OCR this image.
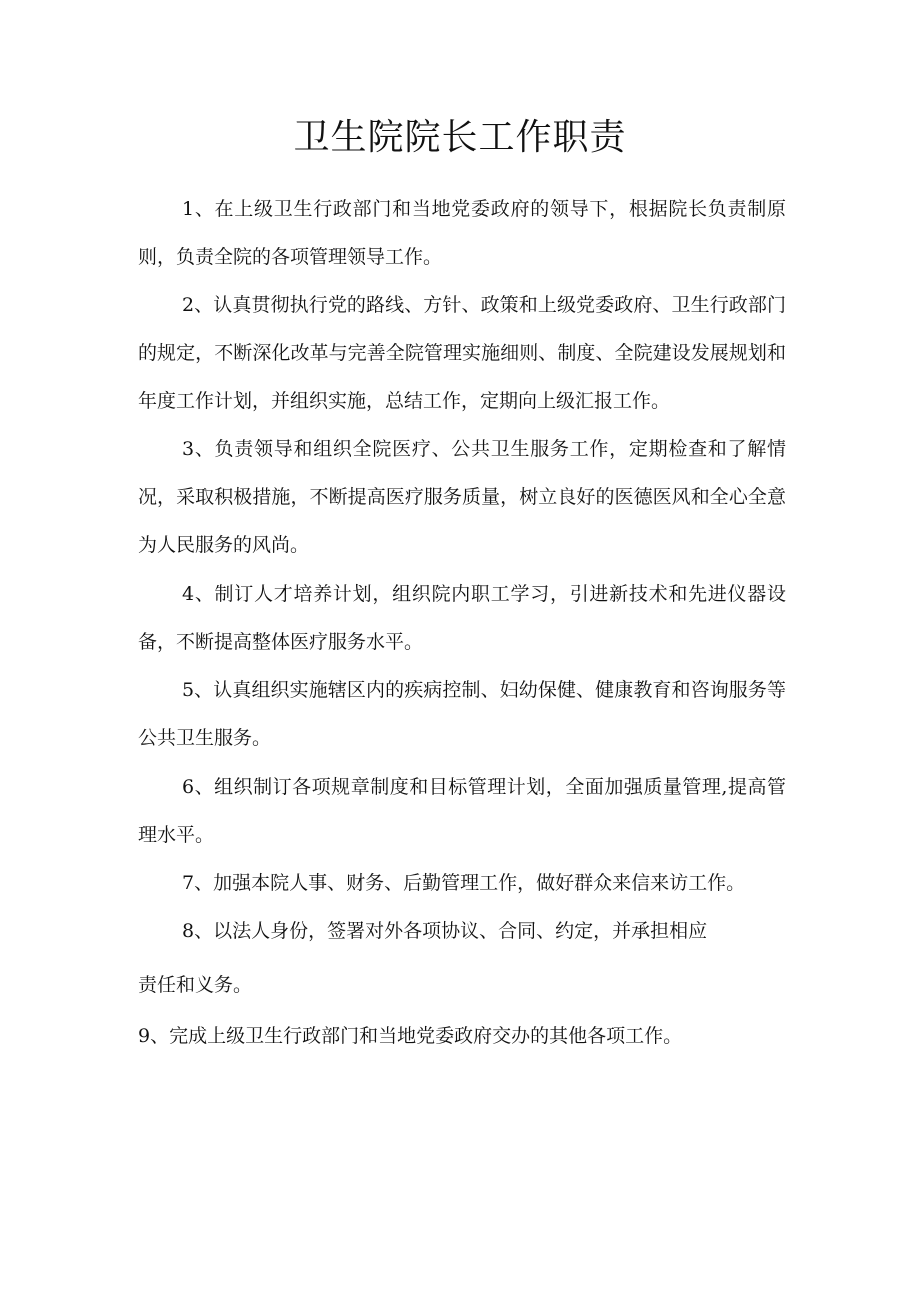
卫生院院长工作职责

1、在上级卫生行政部门和当地党委政府的领导下，根据院长负责制原则，负责全院的各项管理领导工作。

2、认真贯彻执行党的路线、方针、政策和上级党委政府、卫生行政部门的规定，不断深化改革与完善全院管理实施细则、制度、全院建设发展规划和年度工作计划，并组织实施，总结工作，定期向上级汇报工作。

3、负责领导和组织全院医疗、公共卫生服务工作，定期检查和了解情况，采取积极措施，不断提高医疗服务质量，树立良好的医德医风和全心全意为人民服务的风尚。

4、制订人才培养计划，组织院内职工学习，引进新技术和先进仪器设备，不断提高整体医疗服务水平。

5、认真组织实施辖区内的疾病控制、妇幼保健、健康教育和咨询服务等公共卫生服务。

6、组织制订各项规章制度和目标管理计划，全面加强质量管理,提高管理水平。

7、加强本院人事、财务、后勤管理工作，做好群众来信来访工作。

8、以法人身份，签署对外各项协议、合同、约定，并承担相应
责任和义务。
9、完成上级卫生行政部门和当地党委政府交办的其他各项工作。
